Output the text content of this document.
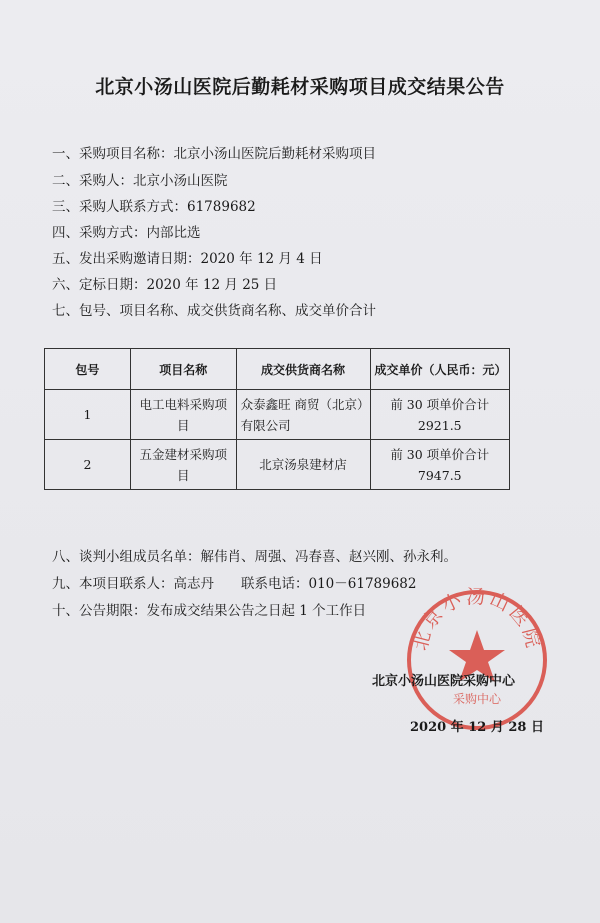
北京小汤山医院后勤耗材采购项目成交结果公告
一、采购项目名称：北京小汤山医院后勤耗材采购项目
二、采购人：北京小汤山医院
三、采购人联系方式：61789682
四、采购方式：内部比选
五、发出采购邀请日期：2020 年 12 月 4 日
六、定标日期：2020 年 12 月 25 日
七、包号、项目名称、成交供货商名称、成交单价合计
包号	项目名称	成交供货商名称	成交单价（人民币：元）
1	电工电料采购项目	众泰鑫旺 商贸（北京）有限公司	前 30 项单价合计
2921.5

2	五金建材采购项目	北京汤泉建材店	前 30 项单价合计
7947.5
八、谈判小组成员名单：解伟肖、周强、冯春喜、赵兴刚、孙永利。
九、本项目联系人：高志丹　　联系电话：010－61789682
十、公告期限：发布成交结果公告之日起 1 个工作日
北京小汤山医院
采购中心
北京小汤山医院采购中心
2020 年 12 月 28 日
